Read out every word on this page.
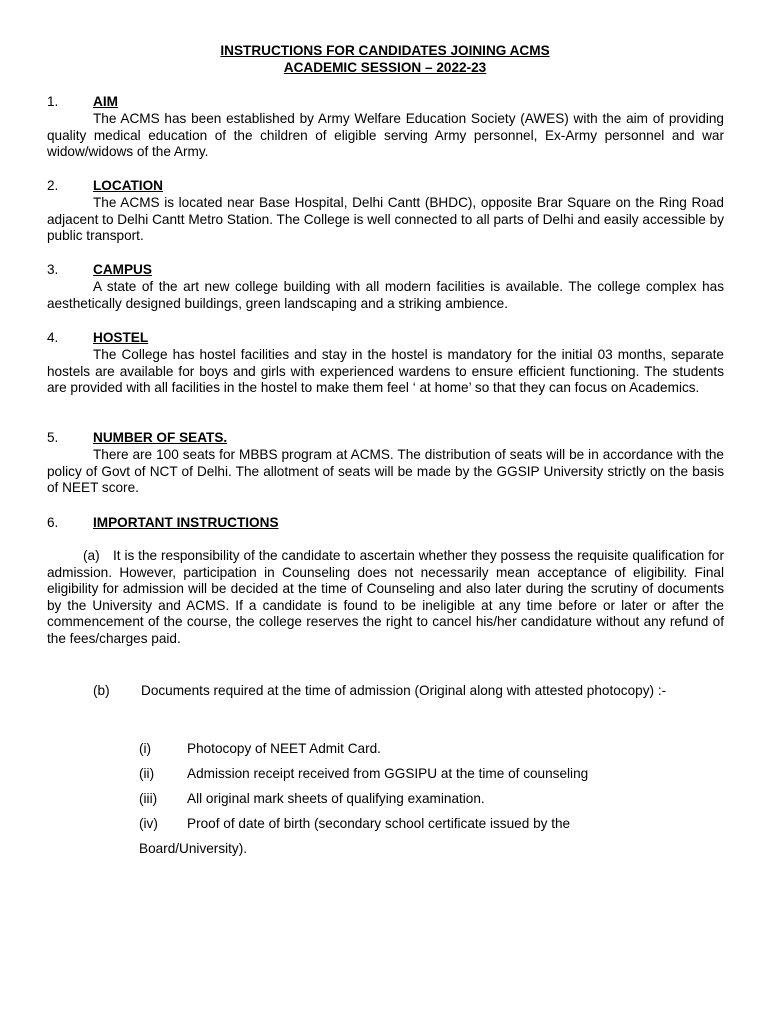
INSTRUCTIONS FOR CANDIDATES JOINING ACMS
ACADEMIC SESSION – 2022-23
1.	AIM

The ACMS has been established by Army Welfare Education Society (AWES) with the aim of providing quality medical education of the children of eligible serving Army personnel, Ex-Army personnel and war widow/widows of the Army.

2.	LOCATION

The ACMS is located near Base Hospital, Delhi Cantt (BHDC), opposite Brar Square on the Ring Road adjacent to Delhi Cantt Metro Station. The College is well connected to all parts of Delhi and easily accessible by public transport.

3.	CAMPUS

A state of the art new college building with all modern facilities is available. The college complex has aesthetically designed buildings, green landscaping and a striking ambience.

4.	HOSTEL

The College has hostel facilities and stay in the hostel is mandatory for the initial 03 months, separate hostels are available for boys and girls with experienced wardens to ensure efficient functioning. The students are provided with all facilities in the hostel to make them feel ‘ at home’ so that they can focus on Academics.

5.	NUMBER OF SEATS.

There are 100 seats for MBBS program at ACMS. The distribution of seats will be in accordance with the policy of Govt of NCT of Delhi. The allotment of seats will be made by the GGSIP University strictly on the basis of NEET score.

6.	IMPORTANT INSTRUCTIONS

(a) It is the responsibility of the candidate to ascertain whether they possess the requisite qualification for admission. However, participation in Counseling does not necessarily mean acceptance of eligibility. Final eligibility for admission will be decided at the time of Counseling and also later during the scrutiny of documents by the University and ACMS. If a candidate is found to be ineligible at any time before or later or after the commencement of the course, the college reserves the right to cancel his/her candidature without any refund of the fees/charges paid.

(b) Documents required at the time of admission (Original along with attested photocopy) :-

(i)	Photocopy of NEET Admit Card.
(ii) Admission receipt received from GGSIPU at the time of counseling
(iii) All original mark sheets of qualifying examination.
(iv) Proof of date of birth (secondary school certificate issued by the
Board/University).
